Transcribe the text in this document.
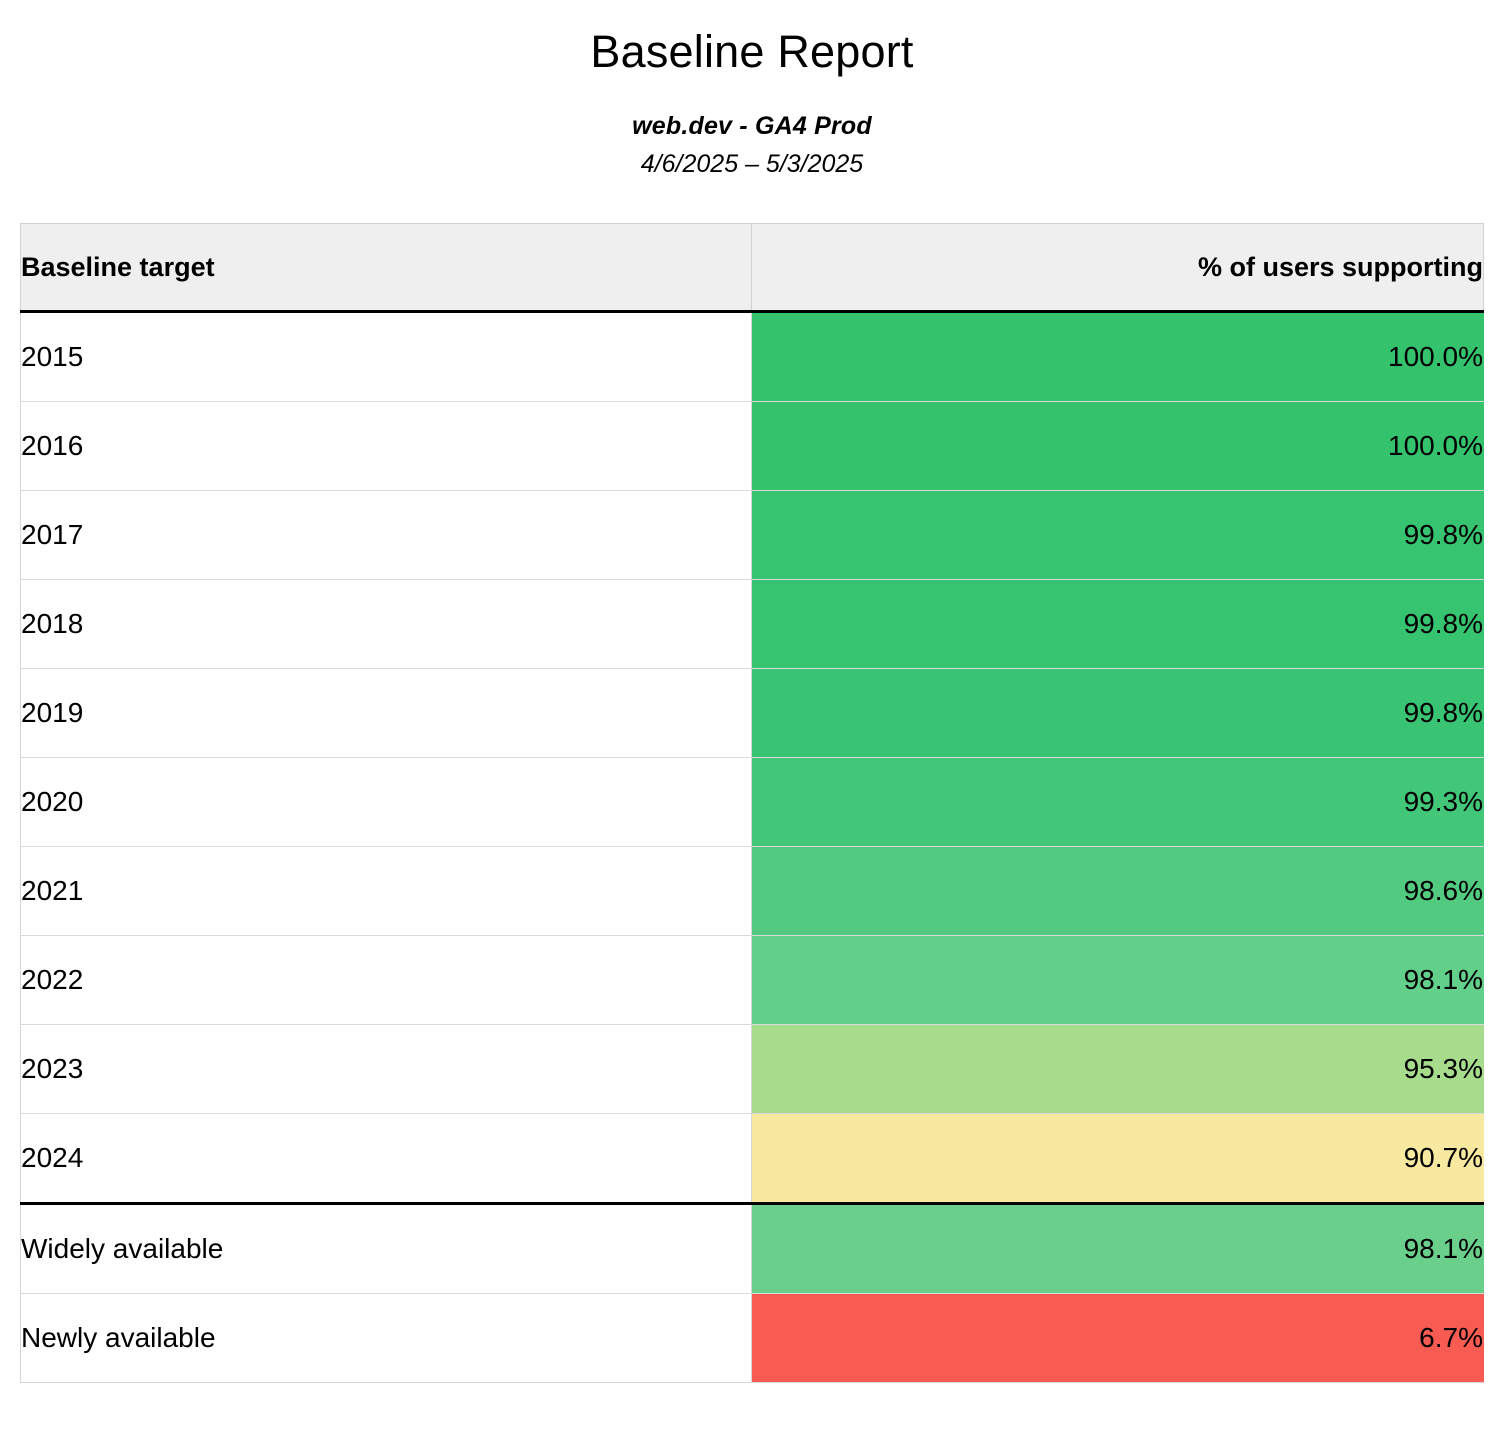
Baseline Report
web.dev - GA4 Prod
4/6/2025 – 5/3/2025
Baseline target	% of users supporting
2015	100.0%
2016	100.0%
2017	99.8%
2018	99.8%
2019	99.8%
2020	99.3%
2021	98.6%
2022	98.1%
2023	95.3%
2024	90.7%
Widely available	98.1%
Newly available	6.7%
